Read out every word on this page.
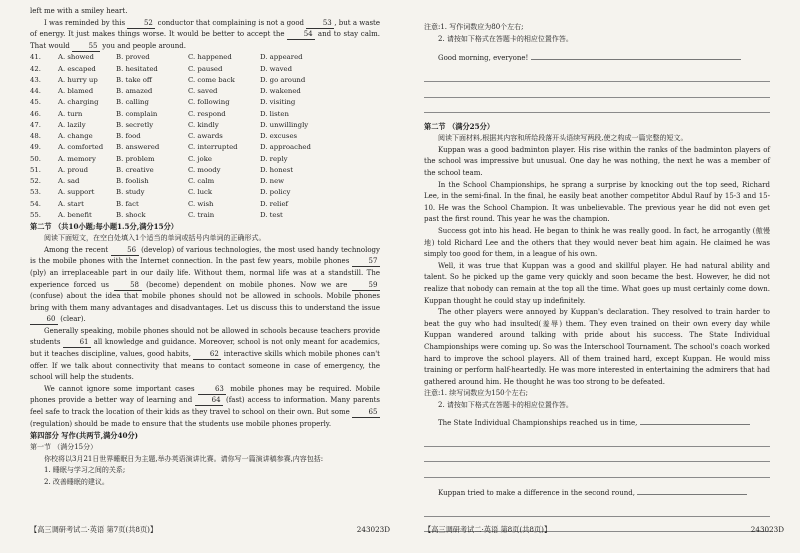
left me with a smiley heart.

I was reminded by this 52 conductor that complaining is not a good 53 , but a waste of energy. It just makes things worse. It would be better to accept the 54 and to stay calm. That would 55 you and people around.

41.	A. showed	B. proved	C. happened	D. appeared
42.	A. escaped	B. hesitated	C. paused	D. waved
43.	A. hurry up	B. take off	C. come back	D. go around
44.	A. blamed	B. amazed	C. saved	D. wakened
45.	A. charging	B. calling	C. following	D. visiting
46.	A. turn	B. complain	C. respond	D. listen
47.	A. lazily	B. secretly	C. kindly	D. unwillingly
48.	A. change	B. food	C. awards	D. excuses
49.	A. comforted	B. answered	C. interrupted	D. approached
50.	A. memory	B. problem	C. joke	D. reply
51.	A. proud	B. creative	C. moody	D. honest
52.	A. sad	B. foolish	C. calm	D. new
53.	A. support	B. study	C. luck	D. policy
54.	A. start	B. fact	C. wish	D. relief
55.	A. benefit	B. shock	C. train	D. test

第二节 （共10小题;每小题1.5分,满分15分）

阅读下面短文，在空白处填入1个适当的单词或括号内单词的正确形式。

Among the recent 56 (develop) of various technologies, the most used handy technology is the mobile phones with the Internet connection. In the past few years, mobile phones 57 (ply) an irreplaceable part in our daily life. Without them, normal life was at a standstill. The experience forced us 58 (become) dependent on mobile phones. Now we are 59 (confuse) about the idea that mobile phones should not be allowed in schools. Mobile phones bring with them many advantages and disadvantages. Let us discuss this to understand the issue 60 (clear).

Generally speaking, mobile phones should not be allowed in schools because teachers provide students 61 all knowledge and guidance. Moreover, school is not only meant for academics, but it teaches discipline, values, good habits, 62 interactive skills which mobile phones can't offer. If we talk about connectivity that means to contact someone in case of emergency, the school will help the students.

We cannot ignore some important cases 63 mobile phones may be required. Mobile phones provide a better way of learning and 64 (fast) access to information. Many parents feel safe to track the location of their kids as they travel to school on their own. But some 65 (regulation) should be made to ensure that the students use mobile phones properly.

第四部分 写作(共两节,满分40分)

第一节 （满分15分）

你校将以3月21日世界睡眠日为主题,举办英语演讲比赛。请你写一篇演讲稿参赛,内容包括:

1. 睡眠与学习之间的关系;

2. 改善睡眠的建议。

【高三调研考试二·英语 第7页(共8页)】	243023D

注意:1. 写作词数应为80个左右;

2. 请按如下格式在答题卡的相应位置作答。

Good morning, everyone!

第二节 （满分25分）

阅读下面材料,根据其内容和所给段落开头语续写两段,使之构成一篇完整的短文。

Kuppan was a good badminton player. His rise within the ranks of the badminton players of the school was impressive but unusual. One day he was nothing, the next he was a member of the school team.

In the School Championships, he sprang a surprise by knocking out the top seed, Richard Lee, in the semi-final. In the final, he easily beat another competitor Abdul Rauf by 15-3 and 15-10. He was the School Champion. It was unbelievable. The previous year he did not even get past the first round. This year he was the champion.

Success got into his head. He began to think he was really good. In fact, he arrogantly (傲慢地) told Richard Lee and the others that they would never beat him again. He claimed he was simply too good for them, in a league of his own.

Well, it was true that Kuppan was a good and skillful player. He had natural ability and talent. So he picked up the game very quickly and soon became the best. However, he did not realize that nobody can remain at the top all the time. What goes up must certainly come down. Kuppan thought he could stay up indefinitely.

The other players were annoyed by Kuppan's declaration. They resolved to train harder to beat the guy who had insulted(羞辱) them. They even trained on their own every day while Kuppan wandered around talking with pride about his success. The State Individual Championships were coming up. So was the Interschool Tournament. The school's coach worked hard to improve the school players. All of them trained hard, except Kuppan. He would miss training or perform half-heartedly. He was more interested in entertaining the admirers that had gathered around him. He thought he was too strong to be defeated.

注意:1. 续写词数应为150个左右;

2. 请按如下格式在答题卡的相应位置作答。

The State Individual Championships reached us in time,

Kuppan tried to make a difference in the second round,

【高三调研考试二·英语 第8页(共8页)】	243023D
